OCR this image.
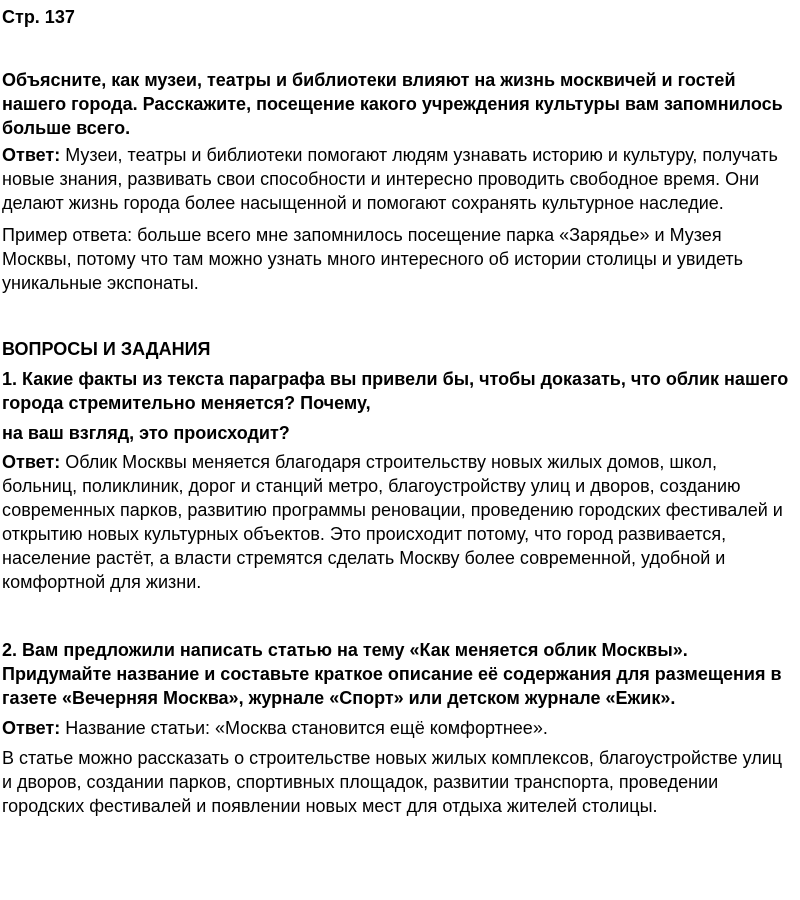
Стр. 137

Объясните, как музеи, театры и библиотеки влияют на жизнь москвичей и гостей нашего города. Расскажите, посещение какого учреждения культуры вам запомнилось больше всего.

Ответ: Музеи, театры и библиотеки помогают людям узнавать историю и культуру, получать новые знания, развивать свои способности и интересно проводить свободное время. Они делают жизнь города более насыщенной и помогают сохранять культурное наследие.

Пример ответа: больше всего мне запомнилось посещение парка «Зарядье» и Музея Москвы, потому что там можно узнать много интересного об истории столицы и увидеть уникальные экспонаты.

ВОПРОСЫ И ЗАДАНИЯ

1. Какие факты из текста параграфа вы привели бы, чтобы доказать, что облик нашего города стремительно меняется? Почему,

на ваш взгляд, это происходит?

Ответ: Облик Москвы меняется благодаря строительству новых жилых домов, школ, больниц, поликлиник, дорог и станций метро, благоустройству улиц и дворов, созданию современных парков, развитию программы реновации, проведению городских фестивалей и открытию новых культурных объектов. Это происходит потому, что город развивается, население растёт, а власти стремятся сделать Москву более современной, удобной и комфортной для жизни.

2. Вам предложили написать статью на тему «Как меняется облик Москвы». Придумайте название и составьте краткое описание её содержания для размещения в газете «Вечерняя Москва», журнале «Спорт» или детском журнале «Ежик».

Ответ: Название статьи: «Москва становится ещё комфортнее».

В статье можно рассказать о строительстве новых жилых комплексов, благоустройстве улиц и дворов, создании парков, спортивных площадок, развитии транспорта, проведении городских фестивалей и появлении новых мест для отдыха жителей столицы.
